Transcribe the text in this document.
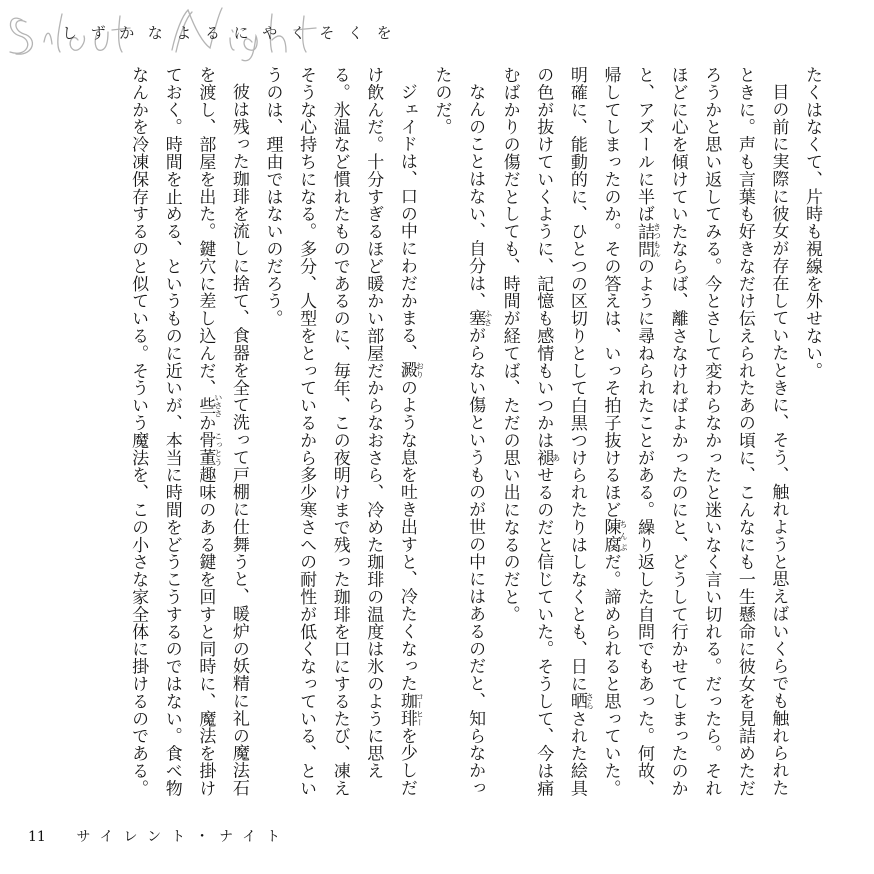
しずかなよるにやくそくを

たくはなくて、片時も視線を外せない。

目の前に実際に彼女が存在していたときに、そう、触れようと思えばいくらでも触れられたときに。声も言葉も好きなだけ伝えられたあの頃に、こんなにも一生懸命に彼女を見詰めただろうかと思い返してみる。今とさして変わらなかったと迷いなく言い切れる。だったら。それほどに心を傾けていたならば、離さなければよかったのにと、どうして行かせてしまったのかと、アズールに半ば詰問きつもんのように尋ねられたことがある。繰り返した自問でもあった。何故、帰してしまったのか。その答えは、いっそ拍子抜けるほど陳腐ちんぷだ。諦められると思っていた。明確に、能動的に、ひとつの区切りとして白黒つけられたりはしなくとも、日に晒さらされた絵具の色が抜けていくように、記憶も感情もいつかは褪あせるのだと信じていた。そうして、今は痛むばかりの傷だとしても、時間が経てば、ただの思い出になるのだと。

なんのことはない、自分は、塞ふさがらない傷というものが世の中にはあるのだと、知らなかったのだ。

ジェイドは、口の中にわだかまる、澱おりのような息を吐き出すと、冷たくなった珈琲コーヒーを少しだけ飲んだ。十分すぎるほど暖かい部屋だからなおさら、冷めた珈琲の温度は氷のように思える。氷温など慣れたものであるのに、毎年、この夜明けまで残った珈琲を口にするたび、凍えそうな心持ちになる。多分、人型をとっているから多少寒さへの耐性が低くなっている、というのは、理由ではないのだろう。

彼は残った珈琲を流しに捨て、食器を全て洗って戸棚に仕舞うと、暖炉の妖精に礼の魔法石を渡し、部屋を出た。鍵穴に差し込んだ、些いささか骨董こっとう趣味のある鍵を回すと同時に、魔法を掛けておく。時間を止める、というものに近いが、本当に時間をどうこうするのではない。食べ物なんかを冷凍保存するのと似ている。そういう魔法を、この小さな家全体に掛けるのである。

11 サイレント・ナイト
